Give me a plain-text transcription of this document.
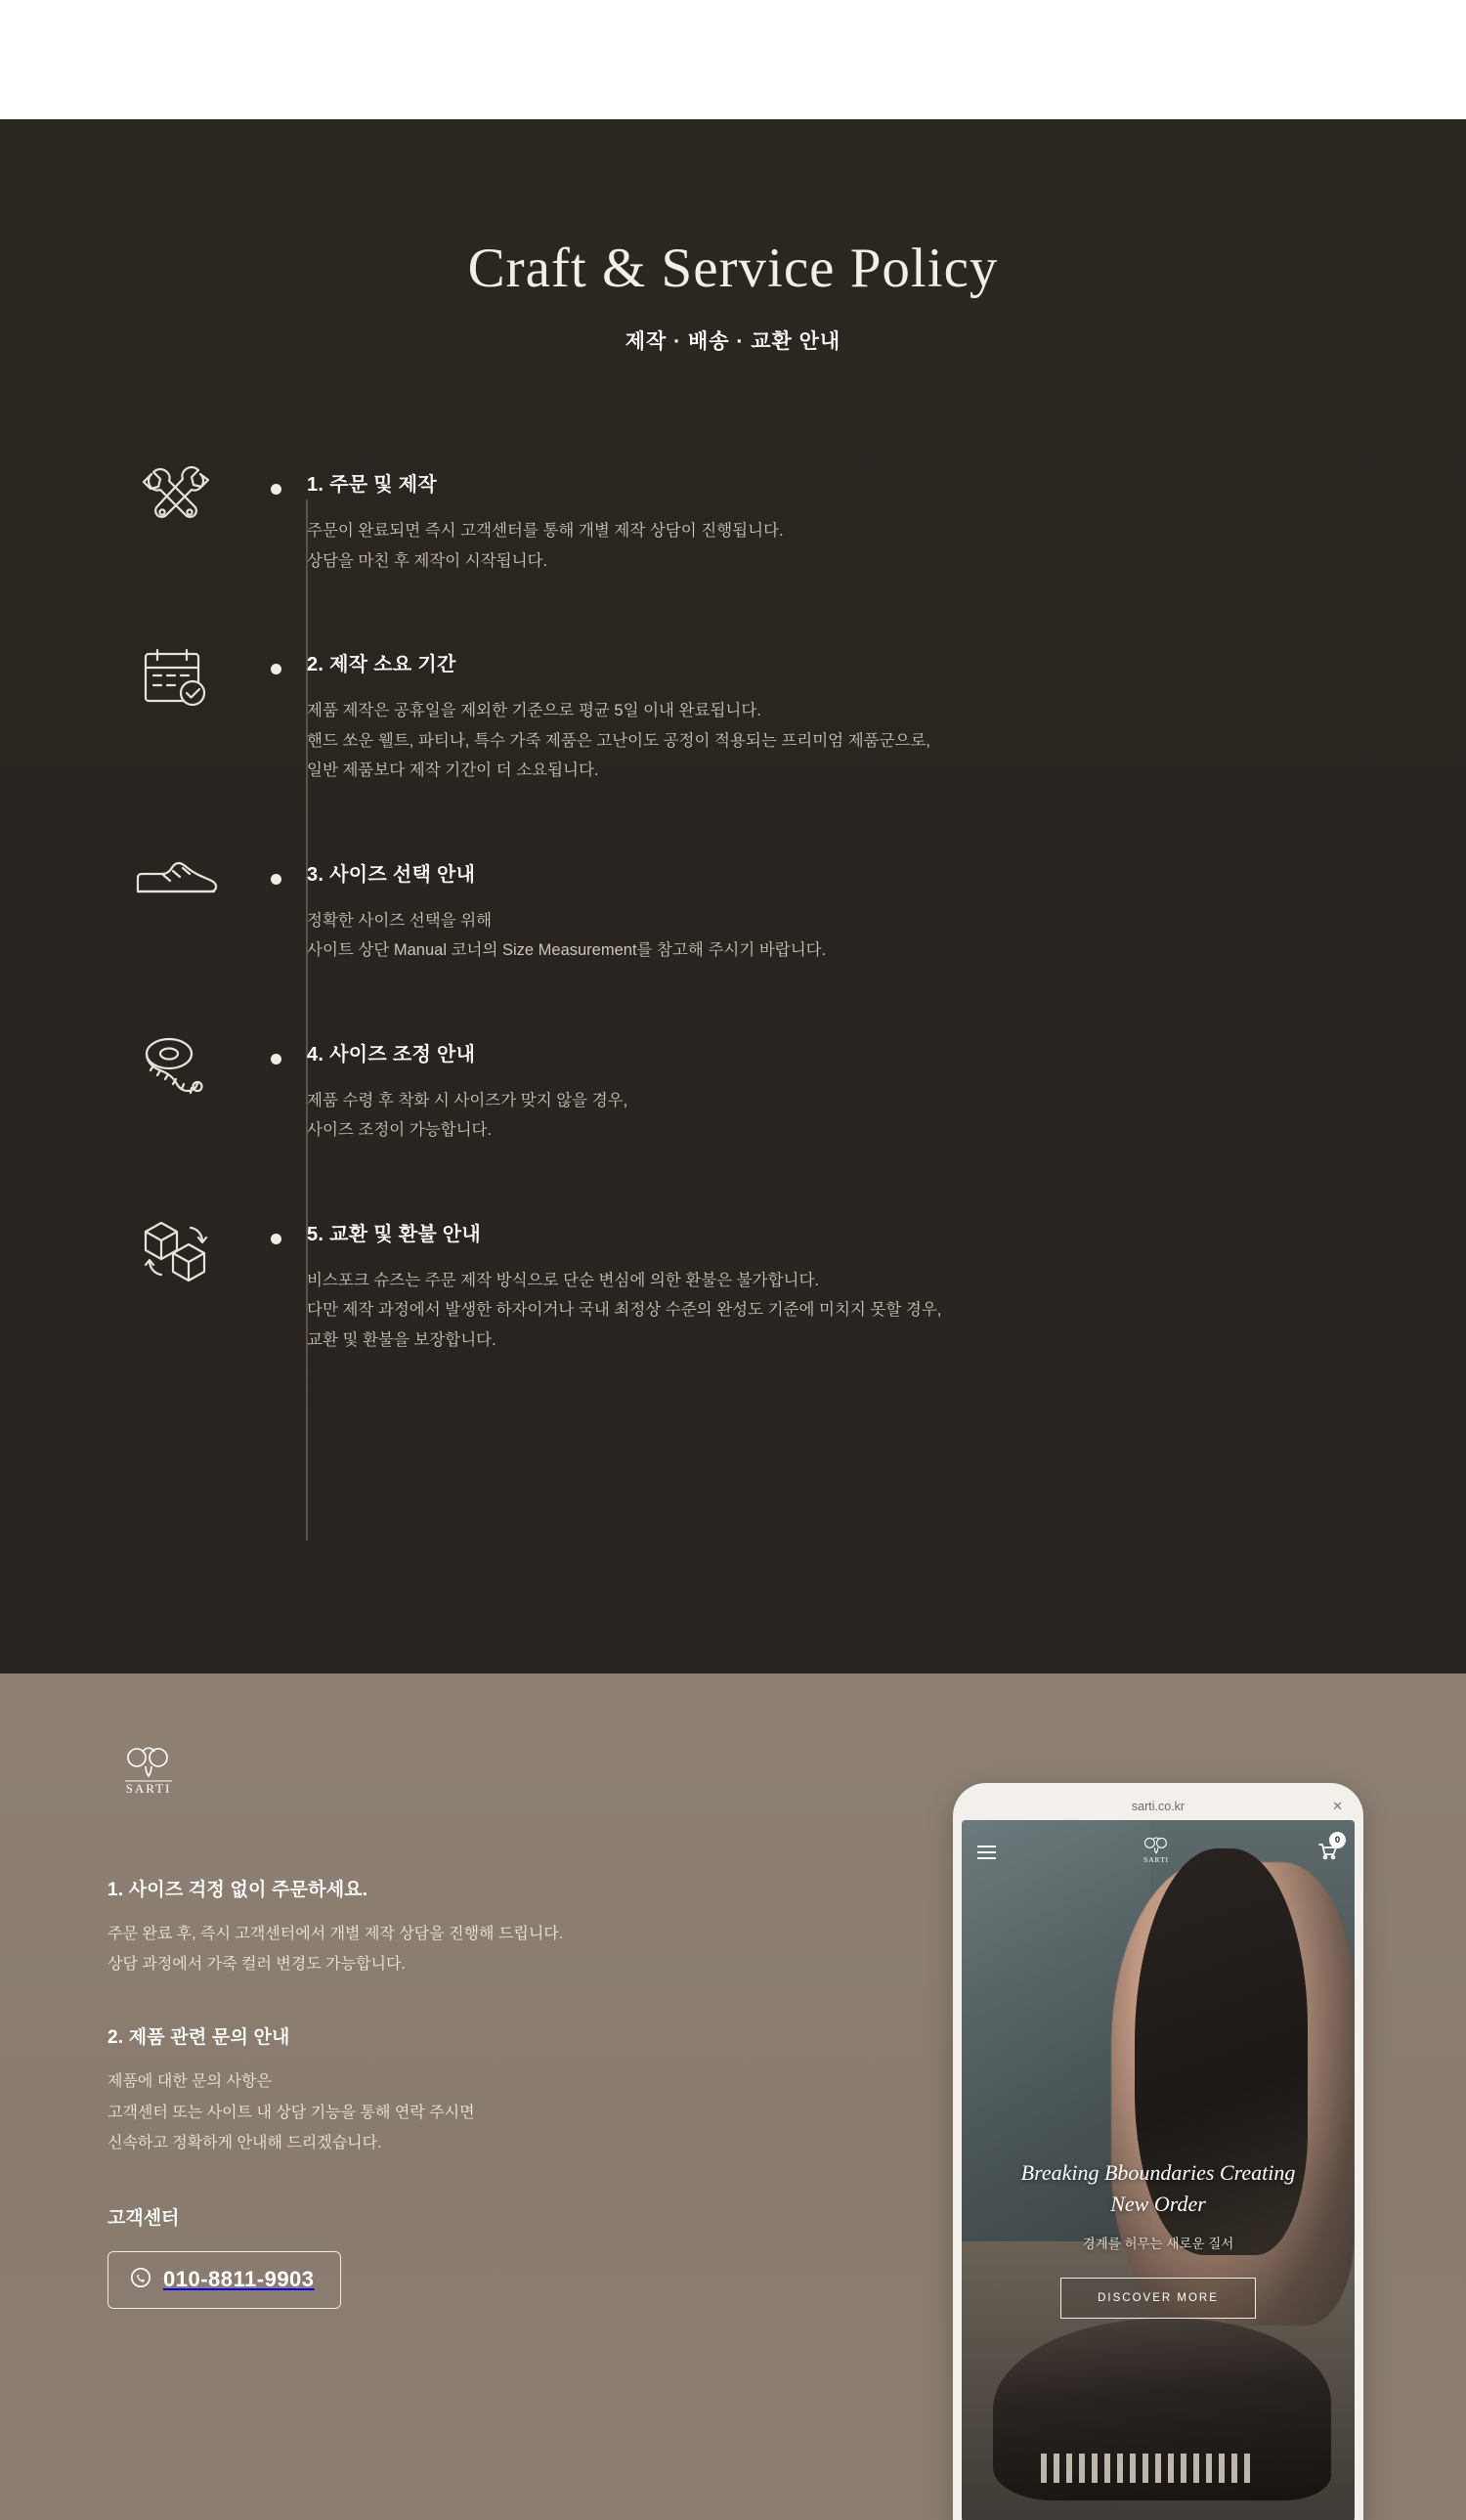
Craft & Service Policy
제작 · 배송 · 교환 안내
1. 주문 및 제작
주문이 완료되면 즉시 고객센터를 통해 개별 제작 상담이 진행됩니다.
상담을 마친 후 제작이 시작됩니다.
2. 제작 소요 기간
제품 제작은 공휴일을 제외한 기준으로 평균 5일 이내 완료됩니다.
핸드 쏘운 웰트, 파티나, 특수 가죽 제품은 고난이도 공정이 적용되는 프리미엄 제품군으로,
일반 제품보다 제작 기간이 더 소요됩니다.
3. 사이즈 선택 안내
정확한 사이즈 선택을 위해
사이트 상단 Manual 코너의 Size Measurement를 참고해 주시기 바랍니다.
4. 사이즈 조정 안내
제품 수령 후 착화 시 사이즈가 맞지 않을 경우,
사이즈 조정이 가능합니다.
5. 교환 및 환불 안내
비스포크 슈즈는 주문 제작 방식으로 단순 변심에 의한 환불은 불가합니다.
다만 제작 과정에서 발생한 하자이거나 국내 최정상 수준의 완성도 기준에 미치지 못할 경우,
교환 및 환불을 보장합니다.
SARTI
1. 사이즈 걱정 없이 주문하세요.
주문 완료 후, 즉시 고객센터에서 개별 제작 상담을 진행해 드립니다.
상담 과정에서 가죽 컬러 변경도 가능합니다.
2. 제품 관련 문의 안내
제품에 대한 문의 사항은
고객센터 또는 사이트 내 상담 기능을 통해 연락 주시면
신속하고 정확하게 안내해 드리겠습니다.
고객센터
010-8811-9903
sarti.co.kr	✕
SARTI
0
Breaking Bboundaries Creating
New Order
경계를 허무는 새로운 질서
DISCOVER MORE
